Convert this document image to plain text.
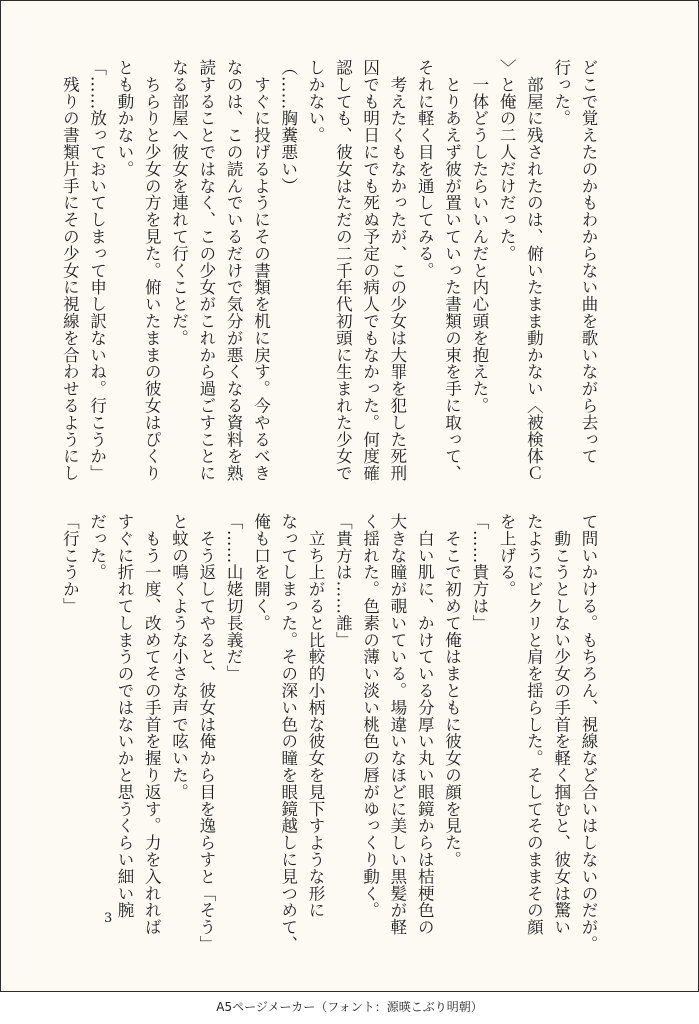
どこで覚えたのかもわからない曲を歌いながら去って

行った。

　部屋に残されたのは、俯いたまま動かない〈被検体Ｃ

〉と俺の二人だけだった。

　一体どうしたらいいんだと内心頭を抱えた。

　とりあえず彼が置いていった書類の束を手に取って、

それに軽く目を通してみる。

　考えたくもなかったが、この少女は大罪を犯した死刑

囚でも明日にでも死ぬ予定の病人でもなかった。何度確

認しても、彼女はただの二千年代初頭に生まれた少女で

しかない。

（……胸糞悪い）

　すぐに投げるようにその書類を机に戻す。今やるべき

なのは、この読んでいるだけで気分が悪くなる資料を熟

読することではなく、この少女がこれから過ごすことに

なる部屋へ彼女を連れて行くことだ。

　ちらりと少女の方を見た。俯いたままの彼女はぴくり

とも動かない。

「……放っておいてしまって申し訳ないね。行こうか」

　残りの書類片手にその少女に視線を合わせるようにし

て問いかける。もちろん、視線など合いはしないのだが。

　動こうとしない少女の手首を軽く掴むと、彼女は驚い

たようにビクリと肩を揺らした。そしてそのままその顔

を上げる。

「……貴方は」

　そこで初めて俺はまともに彼女の顔を見た。

　白い肌に、かけている分厚い丸い眼鏡からは桔梗色の

大きな瞳が覗いている。場違いなほどに美しい黒髪が軽

く揺れた。色素の薄い淡い桃色の唇がゆっくり動く。

「貴方は……誰」

　立ち上がると比較的小柄な彼女を見下すような形に

なってしまった。その深い色の瞳を眼鏡越しに見つめて、

俺も口を開く。

「……山姥切長義だ」

　そう返してやると、彼女は俺から目を逸らすと「そう」

と蚊の鳴くような小さな声で呟いた。

　もう一度、改めてその手首を握り返す。力を入れれば

すぐに折れてしまうのではないかと思うくらい細い腕

だった。

「行こうか」

3
A5ページメーカー（フォント：源暎こぶり明朝）
